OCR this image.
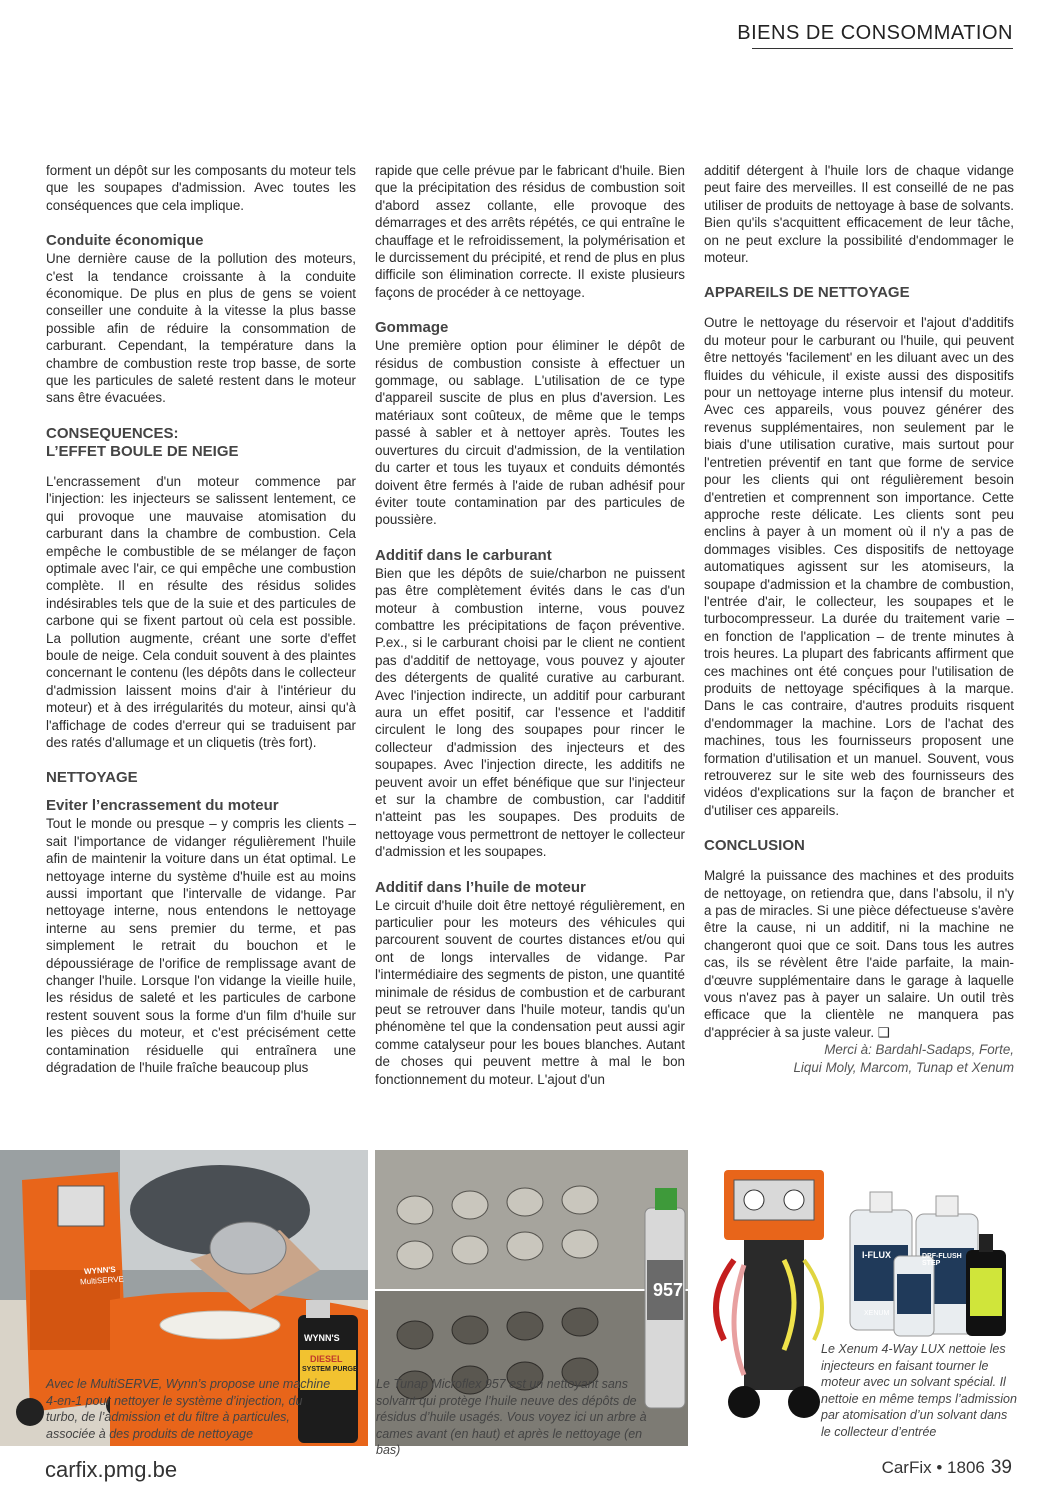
BIENS DE CONSOMMATION

forment un dépôt sur les composants du moteur tels que les soupapes d'admission. Avec toutes les conséquences que cela implique.

Conduite économique

Une dernière cause de la pollution des moteurs, c'est la tendance croissante à la conduite économique. De plus en plus de gens se voient conseiller une conduite à la vitesse la plus basse possible afin de réduire la consommation de carburant. Cependant, la température dans la chambre de combustion reste trop basse, de sorte que les particules de saleté restent dans le moteur sans être évacuées.

CONSEQUENCES:
L’EFFET BOULE DE NEIGE

L'encrassement d'un moteur commence par l'injection: les injecteurs se salissent lentement, ce qui provoque une mauvaise atomisation du carburant dans la chambre de combustion. Cela empêche le combustible de se mélanger de façon optimale avec l'air, ce qui empêche une combustion complète. Il en résulte des résidus solides indésirables tels que de la suie et des particules de carbone qui se fixent partout où cela est possible. La pollution augmente, créant une sorte d'effet boule de neige. Cela conduit souvent à des plaintes concernant le contenu (les dépôts dans le collecteur d'admission laissent moins d'air à l'intérieur du moteur) et à des irrégularités du moteur, ainsi qu'à l'affichage de codes d'erreur qui se traduisent par des ratés d'allumage et un cliquetis (très fort).

NETTOYAGE
Eviter l’encrassement du moteur

Tout le monde ou presque – y compris les clients – sait l'importance de vidanger régulièrement l'huile afin de maintenir la voiture dans un état optimal. Le nettoyage interne du système d'huile est au moins aussi important que l'intervalle de vidange. Par nettoyage interne, nous entendons le nettoyage interne au sens premier du terme, et pas simplement le retrait du bouchon et le dépoussiérage de l'orifice de remplissage avant de changer l'huile. Lorsque l'on vidange la vieille huile, les résidus de saleté et les particules de carbone restent souvent sous la forme d'un film d'huile sur les pièces du moteur, et c'est précisément cette contamination résiduelle qui entraînera une dégradation de l'huile fraîche beaucoup plus

rapide que celle prévue par le fabricant d'huile. Bien que la précipitation des résidus de combustion soit d'abord assez collante, elle provoque des démarrages et des arrêts répétés, ce qui entraîne le chauffage et le refroidissement, la polymérisation et le durcissement du précipité, et rend de plus en plus difficile son élimination correcte. Il existe plusieurs façons de procéder à ce nettoyage.

Gommage

Une première option pour éliminer le dépôt de résidus de combustion consiste à effectuer un gommage, ou sablage. L'utilisation de ce type d'appareil suscite de plus en plus d'aversion. Les matériaux sont coûteux, de même que le temps passé à sabler et à nettoyer après. Toutes les ouvertures du circuit d'admission, de la ventilation du carter et tous les tuyaux et conduits démontés doivent être fermés à l'aide de ruban adhésif pour éviter toute contamination par des particules de poussière.

Additif dans le carburant

Bien que les dépôts de suie/charbon ne puissent pas être complètement évités dans le cas d'un moteur à combustion interne, vous pouvez combattre les précipitations de façon préventive. P.ex., si le carburant choisi par le client ne contient pas d'additif de nettoyage, vous pouvez y ajouter des détergents de qualité curative au carburant. Avec l'injection indirecte, un additif pour carburant aura un effet positif, car l'essence et l'additif circulent le long des soupapes pour rincer le collecteur d'admission des injecteurs et des soupapes. Avec l'injection directe, les additifs ne peuvent avoir un effet bénéfique que sur l'injecteur et sur la chambre de combustion, car l'additif n'atteint pas les soupapes. Des produits de nettoyage vous permettront de nettoyer le collecteur d'admission et les soupapes.

Additif dans l’huile de moteur

Le circuit d'huile doit être nettoyé régulièrement, en particulier pour les moteurs des véhicules qui parcourent souvent de courtes distances et/ou qui ont de longs intervalles de vidange. Par l'intermédiaire des segments de piston, une quantité minimale de résidus de combustion et de carburant peut se retrouver dans l'huile moteur, tandis qu'un phénomène tel que la condensation peut aussi agir comme catalyseur pour les boues blanches. Autant de choses qui peuvent mettre à mal le bon fonctionnement du moteur. L'ajout d'un

additif détergent à l'huile lors de chaque vidange peut faire des merveilles. Il est conseillé de ne pas utiliser de produits de nettoyage à base de solvants. Bien qu'ils s'acquittent efficacement de leur tâche, on ne peut exclure la possibilité d'endommager le moteur.

APPAREILS DE NETTOYAGE

Outre le nettoyage du réservoir et l'ajout d'additifs du moteur pour le carburant ou l'huile, qui peuvent être nettoyés 'facilement' en les diluant avec un des fluides du véhicule, il existe aussi des dispositifs pour un nettoyage interne plus intensif du moteur. Avec ces appareils, vous pouvez générer des revenus supplémentaires, non seulement par le biais d'une utilisation curative, mais surtout pour l'entretien préventif en tant que forme de service pour les clients qui ont régulièrement besoin d'entretien et comprennent son importance. Cette approche reste délicate. Les clients sont peu enclins à payer à un moment où il n'y a pas de dommages visibles. Ces dispositifs de nettoyage automatiques agissent sur les atomiseurs, la soupape d'admission et la chambre de combustion, l'entrée d'air, le collecteur, les soupapes et le turbocompresseur. La durée du traitement varie – en fonction de l'application – de trente minutes à trois heures. La plupart des fabricants affirment que ces machines ont été conçues pour l'utilisation de produits de nettoyage spécifiques à la marque. Dans le cas contraire, d'autres produits risquent d'endommager la machine. Lors de l'achat des machines, tous les fournisseurs proposent une formation d'utilisation et un manuel. Souvent, vous retrouverez sur le site web des fournisseurs des vidéos d'explications sur la façon de brancher et d'utiliser ces appareils.

CONCLUSION

Malgré la puissance des machines et des produits de nettoyage, on retiendra que, dans l'absolu, il n'y a pas de miracles. Si une pièce défectueuse s'avère être la cause, ni un additif, ni la machine ne changeront quoi que ce soit. Dans tous les autres cas, ils se révèlent être l'aide parfaite, la main-d'œuvre supplémentaire dans le garage à laquelle vous n'avez pas à payer un salaire. Un outil très efficace que la clientèle ne manquera pas d'apprécier à sa juste valeur. ❑

Merci à: Bardahl-Sadaps, Forte,

Liqui Moly, Marcom, Tunap et Xenum

WYNN'S
MultiSERVE
WYNN'S
DIESEL
SYSTEM PURGE
Avec le MultiSERVE, Wynn’s propose une machine 4-en-1 pour nettoyer le système d’injection, du turbo, de l’admission et du filtre à particules, associée à des produits de nettoyage
957
Le Tunap Microflex 957 est un nettoyant sans solvant qui protège l’huile neuve des dépôts de résidus d’huile usagés. Vous voyez ici un arbre à cames avant (en haut) et après le nettoyage (en bas)
I-FLUX	DPF-FLUSH STEP
XENUM
Le Xenum 4-Way LUX nettoie les injecteurs en faisant tourner le moteur avec un solvant spécial. Il nettoie en même temps l’admission par atomisation d’un solvant dans le collecteur d’entrée
carfix.pmg.be	CarFix • 1806 39
